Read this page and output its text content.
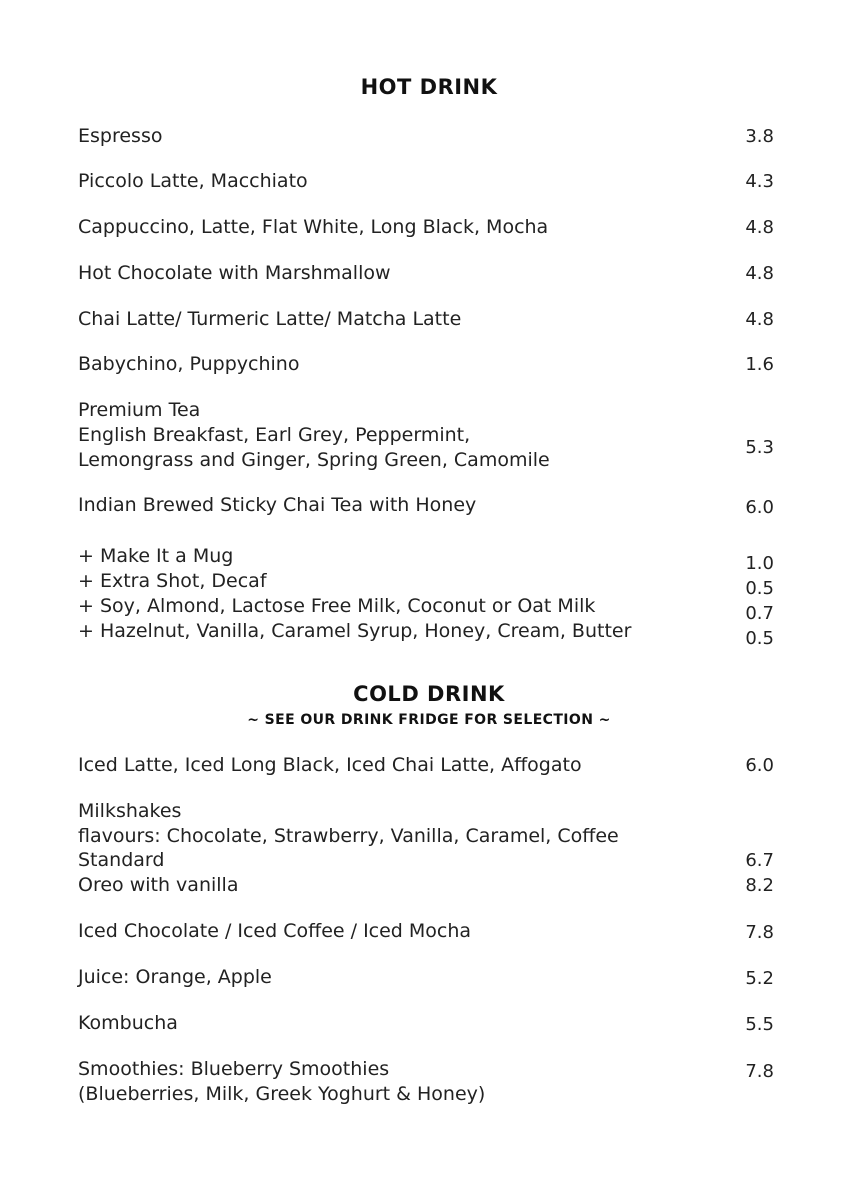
HOT DRINK
Espresso	3.8
Piccolo Latte, Macchiato	4.3
Cappuccino, Latte, Flat White, Long Black, Mocha	4.8
Hot Chocolate with Marshmallow	4.8
Chai Latte/ Turmeric Latte/ Matcha Latte	4.8
Babychino, Puppychino	1.6
Premium Tea
English Breakfast, Earl Grey, Peppermint,
Lemongrass and Ginger, Spring Green, Camomile
5.3
Indian Brewed Sticky Chai Tea with Honey	6.0
+ Make It a Mug	1.0
+ Extra Shot, Decaf	0.5
+ Soy, Almond, Lactose Free Milk, Coconut or Oat Milk	0.7
+ Hazelnut, Vanilla, Caramel Syrup, Honey, Cream, Butter	0.5
COLD DRINK
~ SEE OUR DRINK FRIDGE FOR SELECTION ~
Iced Latte, Iced Long Black, Iced Chai Latte, Affogato	6.0
Milkshakes
flavours: Chocolate, Strawberry, Vanilla, Caramel, Coffee
Standard	6.7
Oreo with vanilla	8.2
Iced Chocolate / Iced Coffee / Iced Mocha	7.8
Juice: Orange, Apple	5.2
Kombucha	5.5
Smoothies: Blueberry Smoothies	7.8
(Blueberries, Milk, Greek Yoghurt & Honey)
